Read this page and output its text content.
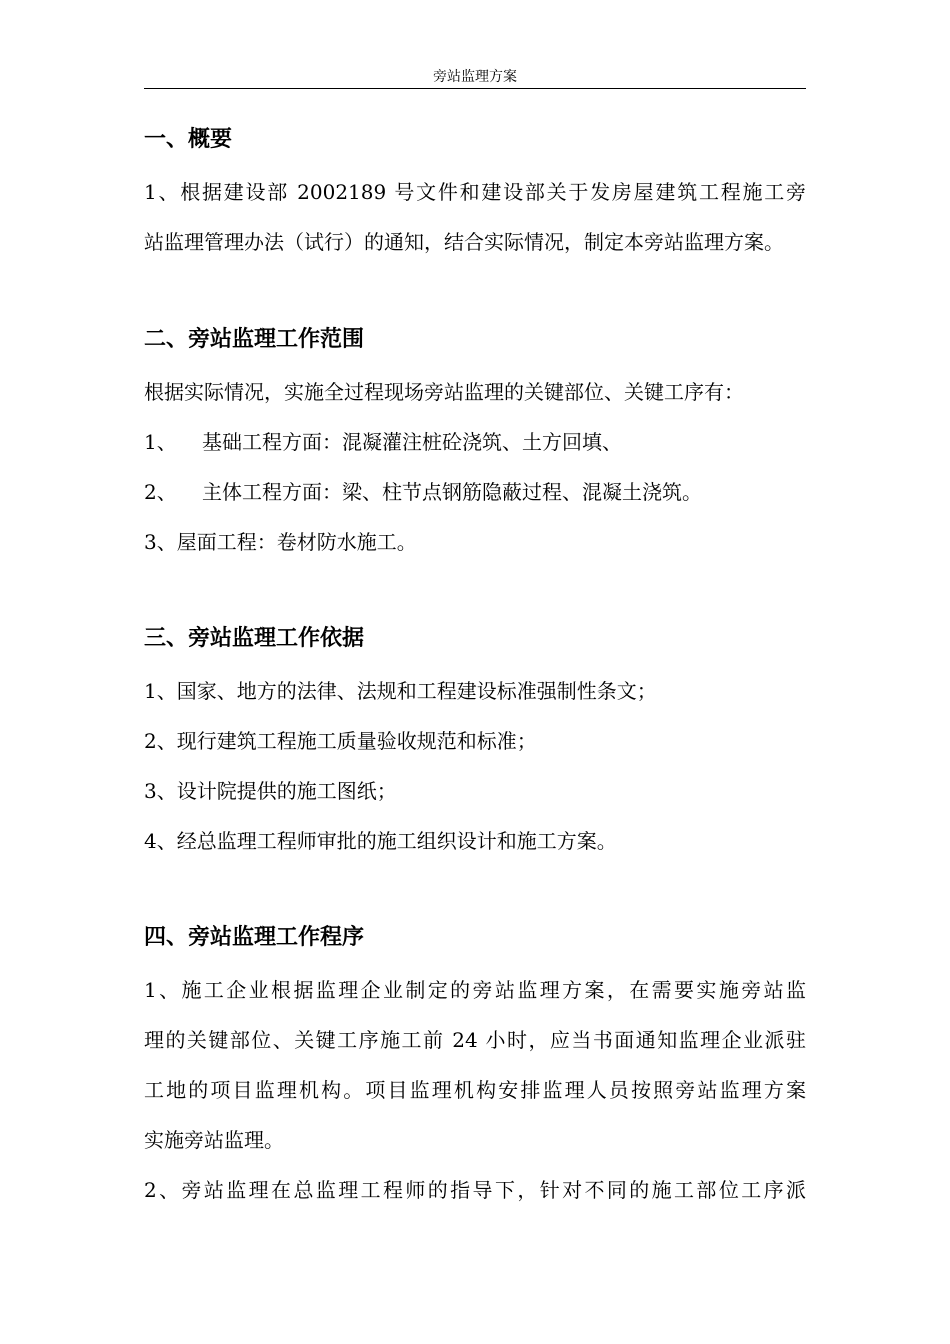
旁站监理方案
一、概要
1、根据建设部 2002189 号文件和建设部关于发房屋建筑工程施工旁
站监理管理办法（试行）的通知，结合实际情况，制定本旁站监理方案。
二、旁站监理工作范围
根据实际情况，实施全过程现场旁站监理的关键部位、关键工序有：
1、 基础工程方面：混凝灌注桩砼浇筑、土方回填、
2、 主体工程方面：梁、柱节点钢筋隐蔽过程、混凝土浇筑。
3、屋面工程：卷材防水施工。
三、旁站监理工作依据
1、国家、地方的法律、法规和工程建设标准强制性条文；
2、现行建筑工程施工质量验收规范和标准；
3、设计院提供的施工图纸；
4、经总监理工程师审批的施工组织设计和施工方案。
四、旁站监理工作程序
1、施工企业根据监理企业制定的旁站监理方案，在需要实施旁站监
理的关键部位、关键工序施工前 24 小时，应当书面通知监理企业派驻
工地的项目监理机构。项目监理机构安排监理人员按照旁站监理方案
实施旁站监理。
2、旁站监理在总监理工程师的指导下，针对不同的施工部位工序派
